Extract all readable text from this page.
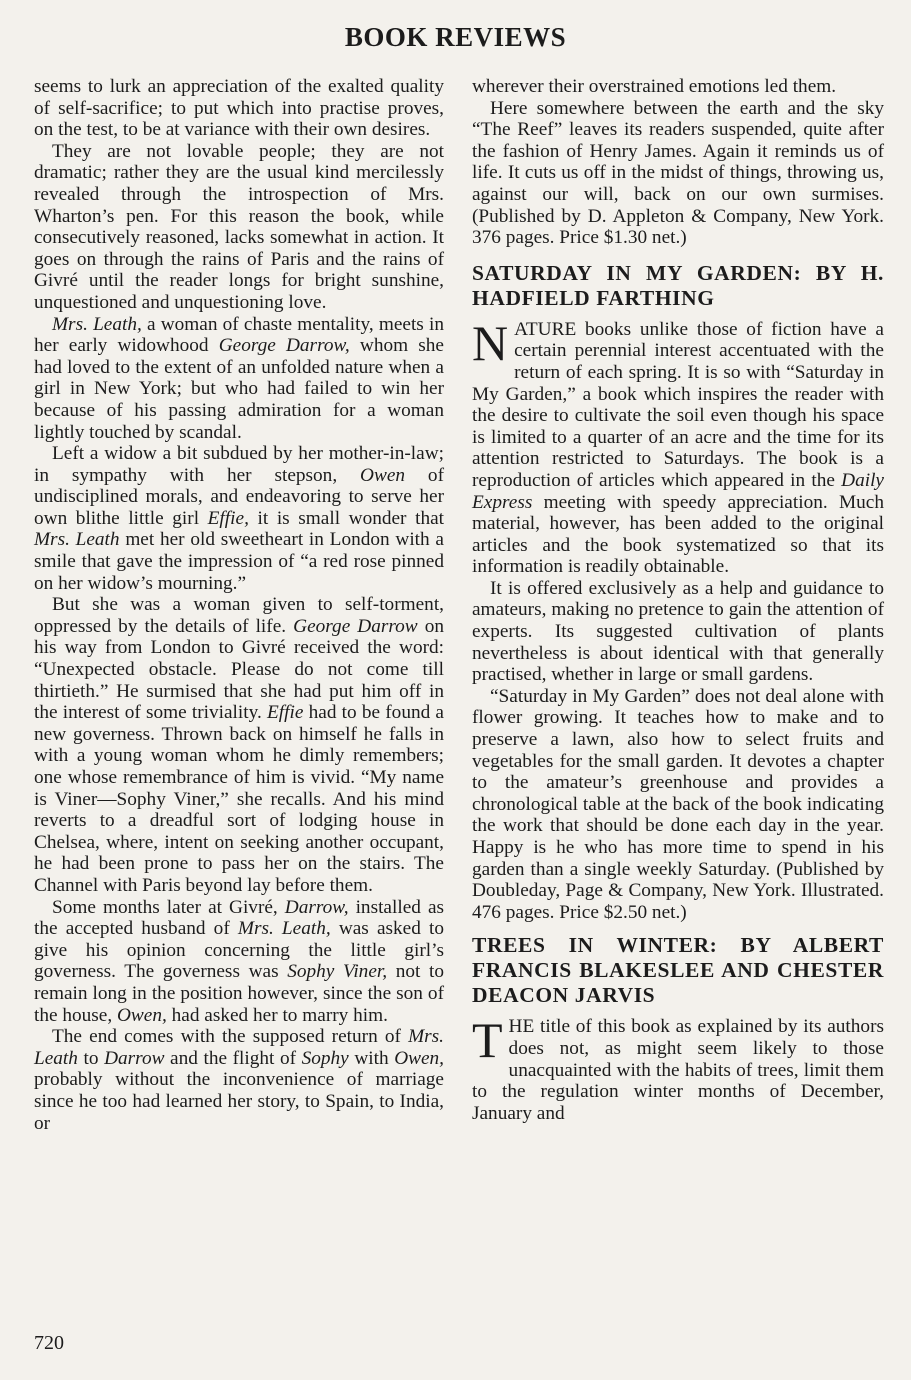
BOOK REVIEWS

seems to lurk an appreciation of the exalted quality of self-sacrifice; to put which into practise proves, on the test, to be at variance with their own desires.

They are not lovable people; they are not dramatic; rather they are the usual kind mercilessly revealed through the introspection of Mrs. Wharton’s pen. For this reason the book, while consecutively reasoned, lacks somewhat in action. It goes on through the rains of Paris and the rains of Givré until the reader longs for bright sunshine, unquestioned and unquestioning love.

Mrs. Leath, a woman of chaste mentality, meets in her early widowhood George Darrow, whom she had loved to the extent of an unfolded nature when a girl in New York; but who had failed to win her because of his passing admiration for a woman lightly touched by scandal.

Left a widow a bit subdued by her mother-in-law; in sympathy with her stepson, Owen of undisciplined morals, and endeavoring to serve her own blithe little girl Effie, it is small wonder that Mrs. Leath met her old sweetheart in London with a smile that gave the impression of “a red rose pinned on her widow’s mourning.”

But she was a woman given to self-torment, oppressed by the details of life. George Darrow on his way from London to Givré received the word: “Unexpected obstacle. Please do not come till thirtieth.” He surmised that she had put him off in the interest of some triviality. Effie had to be found a new governess. Thrown back on himself he falls in with a young woman whom he dimly remembers; one whose remembrance of him is vivid. “My name is Viner—Sophy Viner,” she recalls. And his mind reverts to a dreadful sort of lodging house in Chelsea, where, intent on seeking another occupant, he had been prone to pass her on the stairs. The Channel with Paris beyond lay before them.

Some months later at Givré, Darrow, installed as the accepted husband of Mrs. Leath, was asked to give his opinion concerning the little girl’s governess. The governess was Sophy Viner, not to remain long in the position however, since the son of the house, Owen, had asked her to marry him.

The end comes with the supposed return of Mrs. Leath to Darrow and the flight of Sophy with Owen, probably without the inconvenience of marriage since he too had learned her story, to Spain, to India, or

wherever their overstrained emotions led them.

Here somewhere between the earth and the sky “The Reef” leaves its readers suspended, quite after the fashion of Henry James. Again it reminds us of life. It cuts us off in the midst of things, throwing us, against our will, back on our own surmises. (Published by D. Appleton & Company, New York. 376 pages. Price $1.30 net.)

SATURDAY IN MY GARDEN: BY H. HADFIELD FARTHING

NATURE books unlike those of fiction have a certain perennial interest accentuated with the return of each spring. It is so with “Saturday in My Garden,” a book which inspires the reader with the desire to cultivate the soil even though his space is limited to a quarter of an acre and the time for its attention restricted to Saturdays. The book is a reproduction of articles which appeared in the Daily Express meeting with speedy appreciation. Much material, however, has been added to the original articles and the book systematized so that its information is readily obtainable.

It is offered exclusively as a help and guidance to amateurs, making no pretence to gain the attention of experts. Its suggested cultivation of plants nevertheless is about identical with that generally practised, whether in large or small gardens.

“Saturday in My Garden” does not deal alone with flower growing. It teaches how to make and to preserve a lawn, also how to select fruits and vegetables for the small garden. It devotes a chapter to the amateur’s greenhouse and provides a chronological table at the back of the book indicating the work that should be done each day in the year. Happy is he who has more time to spend in his garden than a single weekly Saturday. (Published by Doubleday, Page & Company, New York. Illustrated. 476 pages. Price $2.50 net.)

TREES IN WINTER: BY ALBERT FRANCIS BLAKESLEE AND CHESTER DEACON JARVIS

THE title of this book as explained by its authors does not, as might seem likely to those unacquainted with the habits of trees, limit them to the regulation winter months of December, January and

720
